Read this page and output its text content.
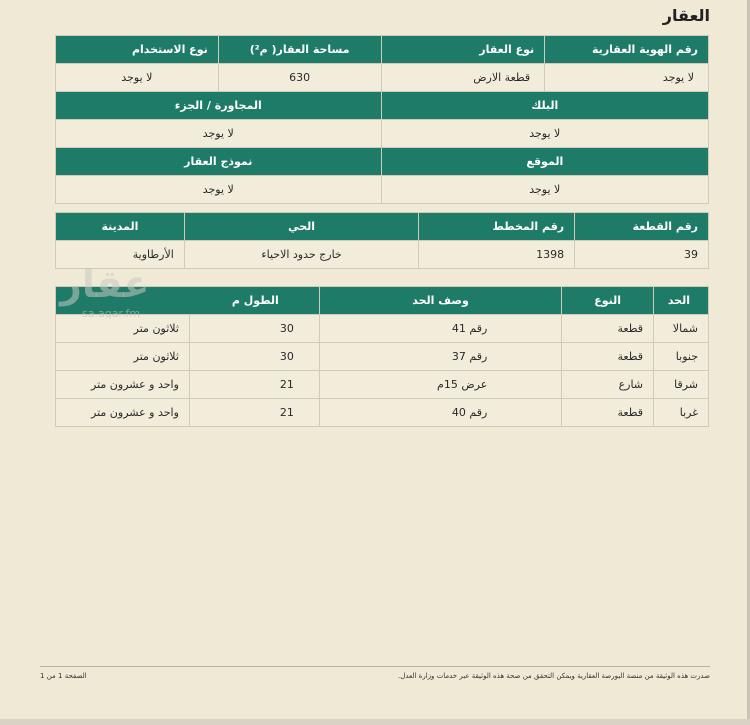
العقار
رقم الهوية العقارية	نوع العقار	مساحة العقار( م²)	نوع الاستخدام
لا يوجد	قطعة الارض	630	لا يوجد
البلك		المجاورة / الجزء	
لا يوجد		لا يوجد	
الموقع		نموذج العقار	
لا يوجد		لا يوجد	
رقم القطعة	رقم المخطط	الحي	المدينة
39	1398	خارج حدود الاحياء	الأرطاوية
الحد	النوع	وصف الحد	الطول م	
شمالا	قطعة	رقم 41	30	ثلاثون متر
جنوبا	قطعة	رقم 37	30	ثلاثون متر
شرقا	شارع	عرض 15م	21	واحد و عشرون متر
غربا	قطعة	رقم 40	21	واحد و عشرون متر
عقار
sa.aqar.fm
صدرت هذه الوثيقة من منصة البورصة العقارية ويمكن التحقق من صحة هذه الوثيقة عبر خدمات وزارة العدل.
الصفحة 1 من 1
